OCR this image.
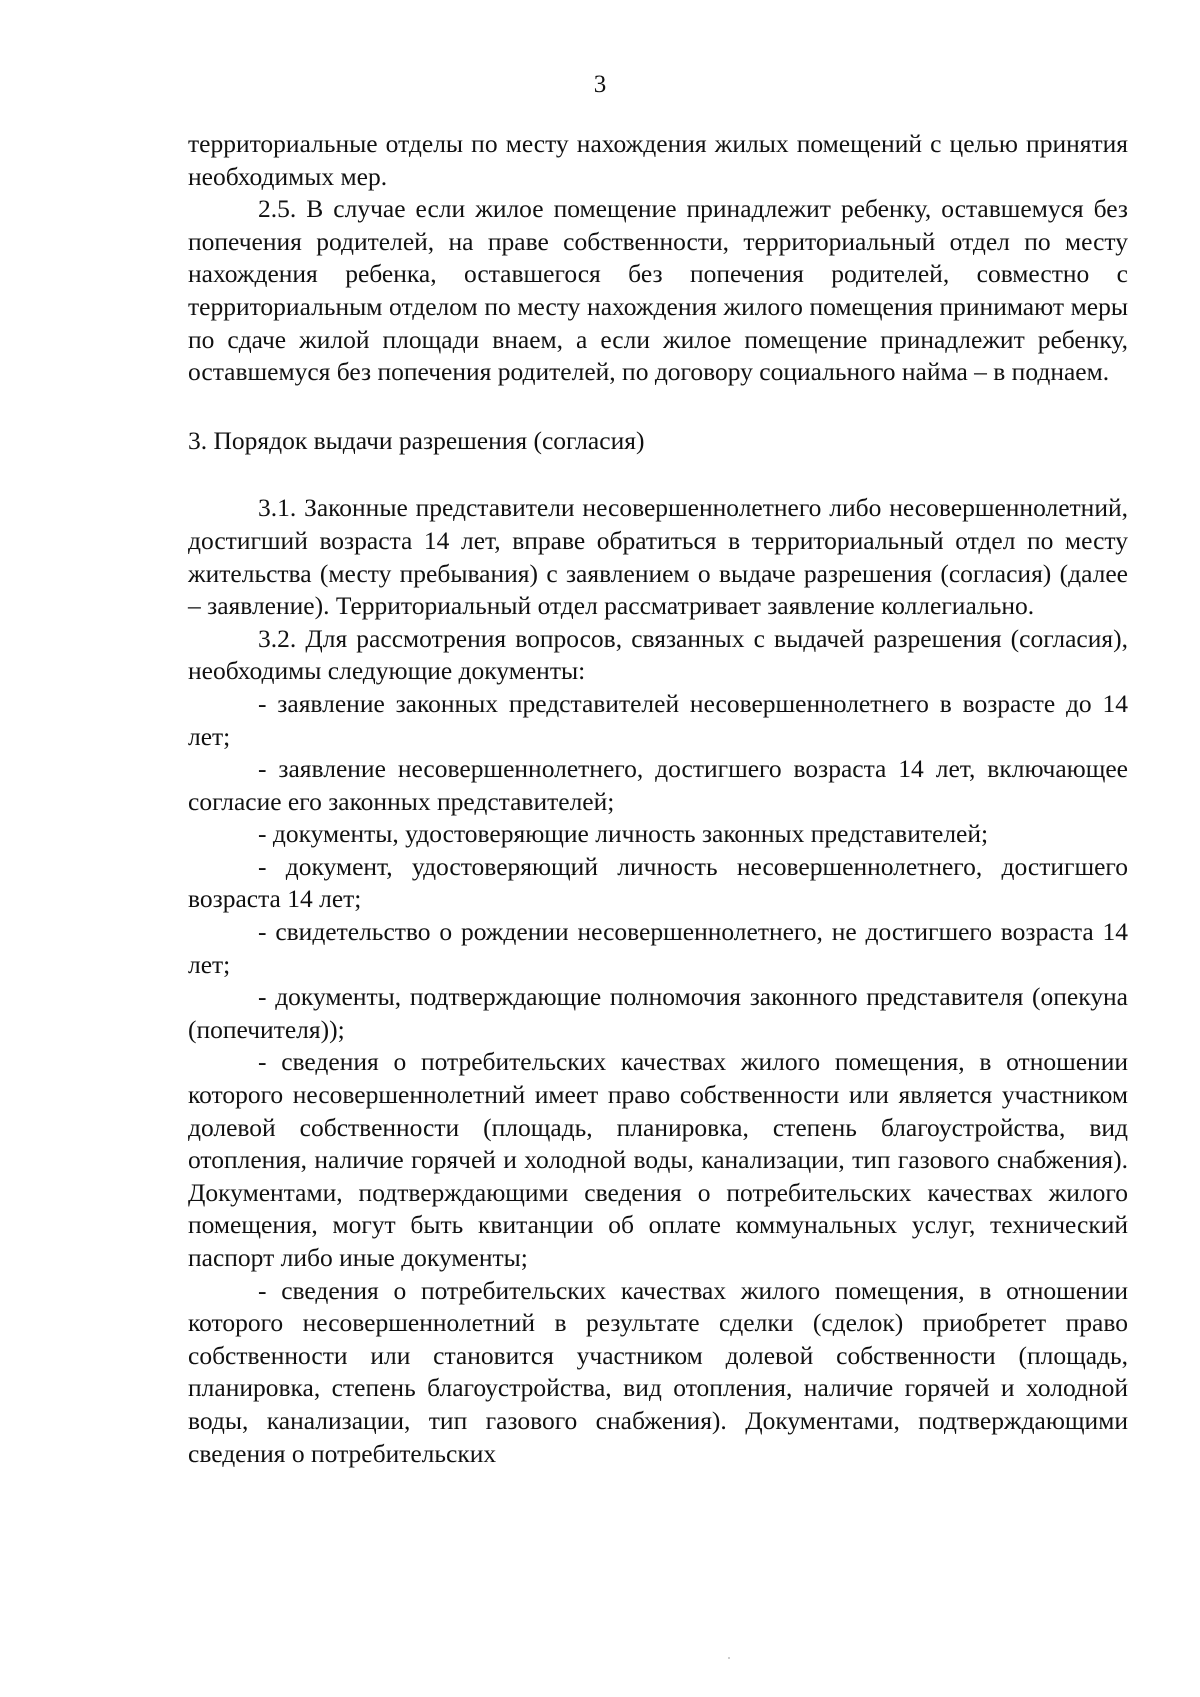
3

территориальные отделы по месту нахождения жилых помещений с целью принятия необходимых мер.

2.5. В случае если жилое помещение принадлежит ребенку, оставшемуся без попечения родителей, на праве собственности, территориальный отдел по месту нахождения ребенка, оставшегося без попечения родителей, совместно с территориальным отделом по месту нахождения жилого помещения принимают меры по сдаче жилой площади внаем, а если жилое помещение принадлежит ребенку, оставшемуся без попечения родителей, по договору социального найма – в поднаем.

3. Порядок выдачи разрешения (согласия)

3.1. Законные представители несовершеннолетнего либо несовершеннолетний, достигший возраста 14 лет, вправе обратиться в территориальный отдел по месту жительства (месту пребывания) с заявлением о выдаче разрешения (согласия) (далее – заявление). Территориальный отдел рассматривает заявление коллегиально.

3.2. Для рассмотрения вопросов, связанных с выдачей разрешения (согласия), необходимы следующие документы:

- заявление законных представителей несовершеннолетнего в возрасте до 14 лет;

- заявление несовершеннолетнего, достигшего возраста 14 лет, включающее согласие его законных представителей;

- документы, удостоверяющие личность законных представителей;

- документ, удостоверяющий личность несовершеннолетнего, достигшего возраста 14 лет;

- свидетельство о рождении несовершеннолетнего, не достигшего возраста 14 лет;

- документы, подтверждающие полномочия законного представителя (опекуна (попечителя));

- сведения о потребительских качествах жилого помещения, в отношении которого несовершеннолетний имеет право собственности или является участником долевой собственности (площадь, планировка, степень благоустройства, вид отопления, наличие горячей и холодной воды, канализации, тип газового снабжения). Документами, подтверждающими сведения о потребительских качествах жилого помещения, могут быть квитанции об оплате коммунальных услуг, технический паспорт либо иные документы;

- сведения о потребительских качествах жилого помещения, в отношении которого несовершеннолетний в результате сделки (сделок) приобретет право собственности или становится участником долевой собственности (площадь, планировка, степень благоустройства, вид отопления, наличие горячей и холодной воды, канализации, тип газового снабжения). Документами, подтверждающими сведения о потребительских
